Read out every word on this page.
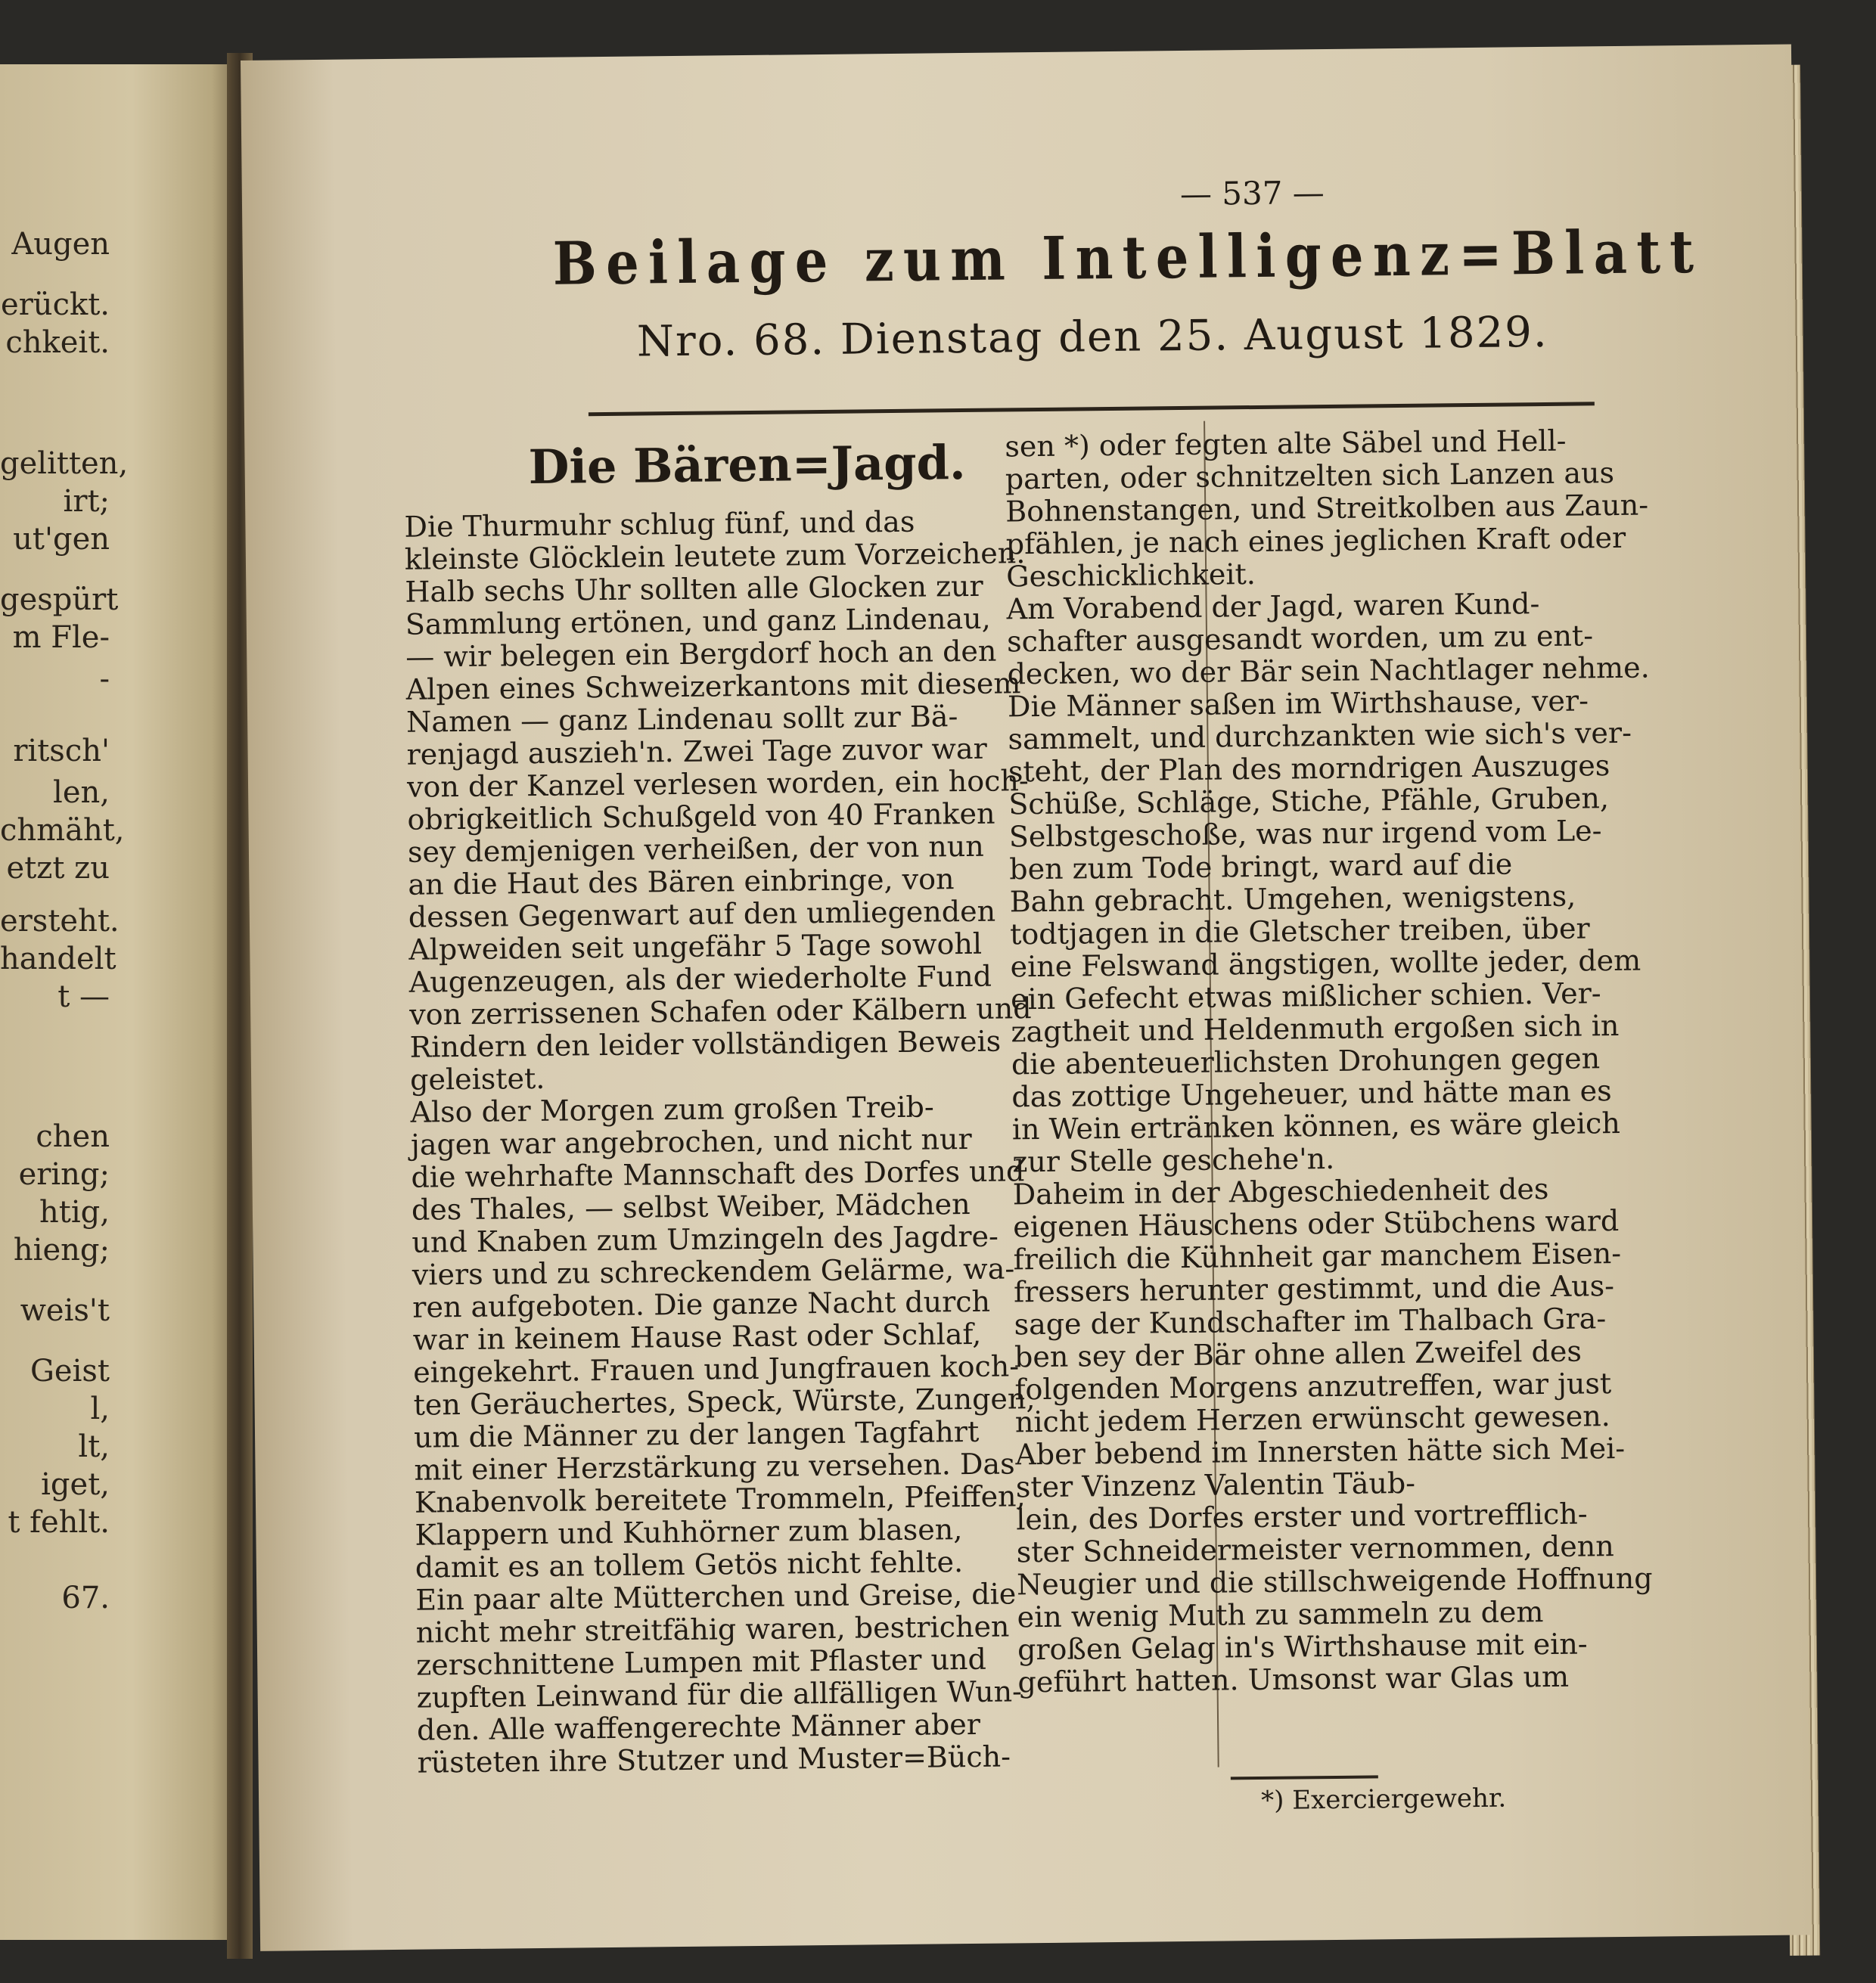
Augen
erückt.
chkeit.
gelitten,
irt;
ut'gen
gespürt
m Fle-
-
ritsch'
len,
chmäht,
etzt zu
ersteht.
handelt
t —
chen
ering;
htig,
hieng;
weis't
Geist
l,
lt,
iget,
t fehlt.
67.
— 537 —
Beilage zum Intelligenz=Blatt
Nro. 68. Dienstag den 25. August 1829.
Die Bären=Jagd.
Die Thurmuhr schlug fünf, und das
kleinste Glöcklein leutete zum Vorzeichen.
Halb sechs Uhr sollten alle Glocken zur
Sammlung ertönen, und ganz Lindenau,
— wir belegen ein Bergdorf hoch an den
Alpen eines Schweizerkantons mit diesem
Namen — ganz Lindenau sollt zur Bä-
renjagd auszieh'n. Zwei Tage zuvor war
von der Kanzel verlesen worden, ein hoch-
obrigkeitlich Schußgeld von 40 Franken
sey demjenigen verheißen, der von nun
an die Haut des Bären einbringe, von
dessen Gegenwart auf den umliegenden
Alpweiden seit ungefähr 5 Tage sowohl
Augenzeugen, als der wiederholte Fund
von zerrissenen Schafen oder Kälbern und
Rindern den leider vollständigen Beweis
geleistet.
Also der Morgen zum großen Treib-
jagen war angebrochen, und nicht nur
die wehrhafte Mannschaft des Dorfes und
des Thales, — selbst Weiber, Mädchen
und Knaben zum Umzingeln des Jagdre-
viers und zu schreckendem Gelärme, wa-
ren aufgeboten. Die ganze Nacht durch
war in keinem Hause Rast oder Schlaf,
eingekehrt. Frauen und Jungfrauen koch-
ten Geräuchertes, Speck, Würste, Zungen,
um die Männer zu der langen Tagfahrt
mit einer Herzstärkung zu versehen. Das
Knabenvolk bereitete Trommeln, Pfeiffen,
Klappern und Kuhhörner zum blasen,
damit es an tollem Getös nicht fehlte.
Ein paar alte Mütterchen und Greise, die
nicht mehr streitfähig waren, bestrichen
zerschnittene Lumpen mit Pflaster und
zupften Leinwand für die allfälligen Wun-
den. Alle waffengerechte Männer aber
rüsteten ihre Stutzer und Muster=Büch-
sen *) oder fegten alte Säbel und Hell-
parten, oder schnitzelten sich Lanzen aus
Bohnenstangen, und Streitkolben aus Zaun-
pfählen, je nach eines jeglichen Kraft oder
Geschicklichkeit.
Am Vorabend der Jagd, waren Kund-
schafter ausgesandt worden, um zu ent-
decken, wo der Bär sein Nachtlager nehme.
Die Männer saßen im Wirthshause, ver-
sammelt, und durchzankten wie sich's ver-
steht, der Plan des morndrigen Auszuges
Schüße, Schläge, Stiche, Pfähle, Gruben,
Selbstgeschoße, was nur irgend vom Le-
ben zum Tode bringt, ward auf die
Bahn gebracht. Umgehen, wenigstens,
todtjagen in die Gletscher treiben, über
eine Felswand ängstigen, wollte jeder, dem
ein Gefecht etwas mißlicher schien. Ver-
zagtheit und Heldenmuth ergoßen sich in
die abenteuerlichsten Drohungen gegen
das zottige Ungeheuer, und hätte man es
in Wein ertränken können, es wäre gleich
zur Stelle geschehe'n.
Daheim in der Abgeschiedenheit des
eigenen Häuschens oder Stübchens ward
freilich die Kühnheit gar manchem Eisen-
fressers herunter gestimmt, und die Aus-
sage der Kundschafter im Thalbach Gra-
ben sey der Bär ohne allen Zweifel des
folgenden Morgens anzutreffen, war just
nicht jedem Herzen erwünscht gewesen.
Aber bebend im Innersten hätte sich Mei-
ster Vinzenz Valentin Täub-
lein, des Dorfes erster und vortrefflich-
ster Schneidermeister vernommen, denn
Neugier und die stillschweigende Hoffnung
ein wenig Muth zu sammeln zu dem
großen Gelag in's Wirthshause mit ein-
geführt hatten. Umsonst war Glas um
*) Exerciergewehr.
